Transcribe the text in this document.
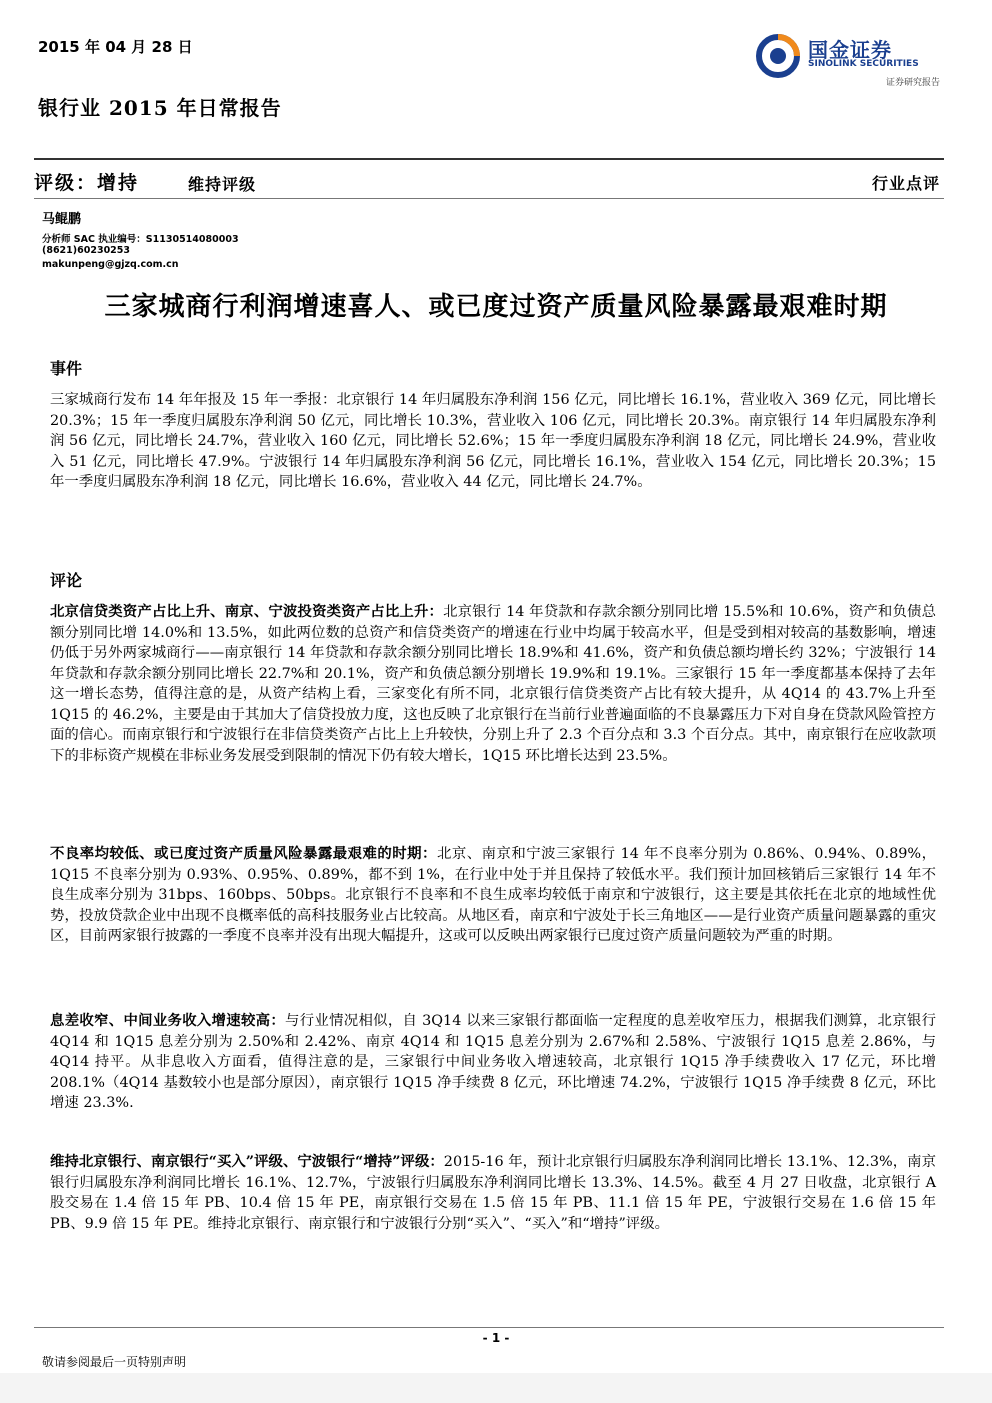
2015 年 04 月 28 日	国金证券
SINOLINK SECURITIES
证券研究报告
银行业 2015 年日常报告
评级：增持	维持评级	行业点评
马鲲鹏
分析师 SAC 执业编号：S1130514080003
(8621)60230253
makunpeng@gjzq.com.cn
三家城商行利润增速喜人、或已度过资产质量风险暴露最艰难时期
事件

三家城商行发布 14 年年报及 15 年一季报：北京银行 14 年归属股东净利润 156 亿元，同比增长 16.1%，营业收入 369 亿元，同比增长 20.3%；15 年一季度归属股东净利润 50 亿元，同比增长 10.3%，营业收入 106 亿元，同比增长 20.3%。南京银行 14 年归属股东净利润 56 亿元，同比增长 24.7%，营业收入 160 亿元，同比增长 52.6%；15 年一季度归属股东净利润 18 亿元，同比增长 24.9%，营业收入 51 亿元，同比增长 47.9%。宁波银行 14 年归属股东净利润 56 亿元，同比增长 16.1%，营业收入 154 亿元，同比增长 20.3%；15 年一季度归属股东净利润 18 亿元，同比增长 16.6%，营业收入 44 亿元，同比增长 24.7%。

评论

北京信贷类资产占比上升、南京、宁波投资类资产占比上升：北京银行 14 年贷款和存款余额分别同比增 15.5%和 10.6%，资产和负债总额分别同比增 14.0%和 13.5%，如此两位数的总资产和信贷类资产的增速在行业中均属于较高水平，但是受到相对较高的基数影响，增速仍低于另外两家城商行——南京银行 14 年贷款和存款余额分别同比增长 18.9%和 41.6%，资产和负债总额均增长约 32%；宁波银行 14 年贷款和存款余额分别同比增长 22.7%和 20.1%，资产和负债总额分别增长 19.9%和 19.1%。三家银行 15 年一季度都基本保持了去年这一增长态势，值得注意的是，从资产结构上看，三家变化有所不同，北京银行信贷类资产占比有较大提升，从 4Q14 的 43.7%上升至 1Q15 的 46.2%，主要是由于其加大了信贷投放力度，这也反映了北京银行在当前行业普遍面临的不良暴露压力下对自身在贷款风险管控方面的信心。而南京银行和宁波银行在非信贷类资产占比上上升较快，分别上升了 2.3 个百分点和 3.3 个百分点。其中，南京银行在应收款项下的非标资产规模在非标业务发展受到限制的情况下仍有较大增长，1Q15 环比增长达到 23.5%。

不良率均较低、或已度过资产质量风险暴露最艰难的时期：北京、南京和宁波三家银行 14 年不良率分别为 0.86%、0.94%、0.89%，1Q15 不良率分别为 0.93%、0.95%、0.89%，都不到 1%，在行业中处于并且保持了较低水平。我们预计加回核销后三家银行 14 年不良生成率分别为 31bps、160bps、50bps。北京银行不良率和不良生成率均较低于南京和宁波银行，这主要是其依托在北京的地域性优势，投放贷款企业中出现不良概率低的高科技服务业占比较高。从地区看，南京和宁波处于长三角地区——是行业资产质量问题暴露的重灾区，目前两家银行披露的一季度不良率并没有出现大幅提升，这或可以反映出两家银行已度过资产质量问题较为严重的时期。

息差收窄、中间业务收入增速较高：与行业情况相似，自 3Q14 以来三家银行都面临一定程度的息差收窄压力，根据我们测算，北京银行 4Q14 和 1Q15 息差分别为 2.50%和 2.42%、南京 4Q14 和 1Q15 息差分别为 2.67%和 2.58%、宁波银行 1Q15 息差 2.86%，与 4Q14 持平。从非息收入方面看，值得注意的是，三家银行中间业务收入增速较高，北京银行 1Q15 净手续费收入 17 亿元，环比增 208.1%（4Q14 基数较小也是部分原因），南京银行 1Q15 净手续费 8 亿元，环比增速 74.2%，宁波银行 1Q15 净手续费 8 亿元，环比增速 23.3%.

维持北京银行、南京银行“买入”评级、宁波银行“增持”评级：2015-16 年，预计北京银行归属股东净利润同比增长 13.1%、12.3%，南京银行归属股东净利润同比增长 16.1%、12.7%，宁波银行归属股东净利润同比增长 13.3%、14.5%。截至 4 月 27 日收盘，北京银行 A 股交易在 1.4 倍 15 年 PB、10.4 倍 15 年 PE，南京银行交易在 1.5 倍 15 年 PB、11.1 倍 15 年 PE，宁波银行交易在 1.6 倍 15 年 PB、9.9 倍 15 年 PE。维持北京银行、南京银行和宁波银行分别“买入”、“买入”和“增持”评级。

- 1 -
敬请参阅最后一页特别声明
